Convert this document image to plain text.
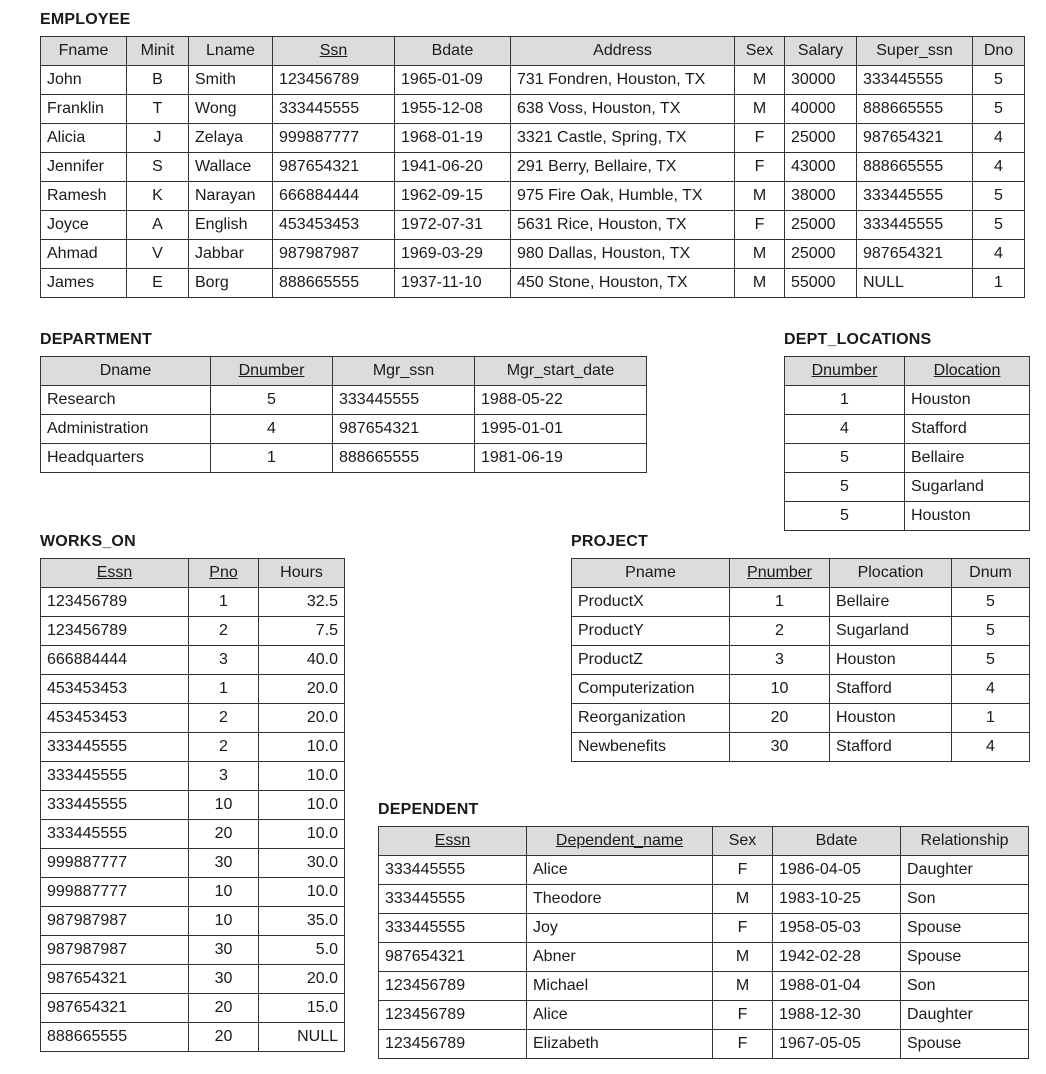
EMPLOYEE
Fname	Minit	Lname	Ssn	Bdate	Address	Sex	Salary	Super_ssn	Dno
John	B	Smith	123456789	1965-01-09	731 Fondren, Houston, TX	M	30000	333445555	5
Franklin	T	Wong	333445555	1955-12-08	638 Voss, Houston, TX	M	40000	888665555	5
Alicia	J	Zelaya	999887777	1968-01-19	3321 Castle, Spring, TX	F	25000	987654321	4
Jennifer	S	Wallace	987654321	1941-06-20	291 Berry, Bellaire, TX	F	43000	888665555	4
Ramesh	K	Narayan	666884444	1962-09-15	975 Fire Oak, Humble, TX	M	38000	333445555	5
Joyce	A	English	453453453	1972-07-31	5631 Rice, Houston, TX	F	25000	333445555	5
Ahmad	V	Jabbar	987987987	1969-03-29	980 Dallas, Houston, TX	M	25000	987654321	4
James	E	Borg	888665555	1937-11-10	450 Stone, Houston, TX	M	55000	NULL	1
DEPARTMENT
Dname	Dnumber	Mgr_ssn	Mgr_start_date
Research	5	333445555	1988-05-22
Administration	4	987654321	1995-01-01
Headquarters	1	888665555	1981-06-19
DEPT_LOCATIONS
Dnumber	Dlocation
1	Houston
4	Stafford
5	Bellaire
5	Sugarland
5	Houston
WORKS_ON
Essn	Pno	Hours
123456789	1	32.5
123456789	2	7.5
666884444	3	40.0
453453453	1	20.0
453453453	2	20.0
333445555	2	10.0
333445555	3	10.0
333445555	10	10.0
333445555	20	10.0
999887777	30	30.0
999887777	10	10.0
987987987	10	35.0
987987987	30	5.0
987654321	30	20.0
987654321	20	15.0
888665555	20	NULL
PROJECT
Pname	Pnumber	Plocation	Dnum
ProductX	1	Bellaire	5
ProductY	2	Sugarland	5
ProductZ	3	Houston	5
Computerization	10	Stafford	4
Reorganization	20	Houston	1
Newbenefits	30	Stafford	4
DEPENDENT
Essn	Dependent_name	Sex	Bdate	Relationship
333445555	Alice	F	1986-04-05	Daughter
333445555	Theodore	M	1983-10-25	Son
333445555	Joy	F	1958-05-03	Spouse
987654321	Abner	M	1942-02-28	Spouse
123456789	Michael	M	1988-01-04	Son
123456789	Alice	F	1988-12-30	Daughter
123456789	Elizabeth	F	1967-05-05	Spouse
